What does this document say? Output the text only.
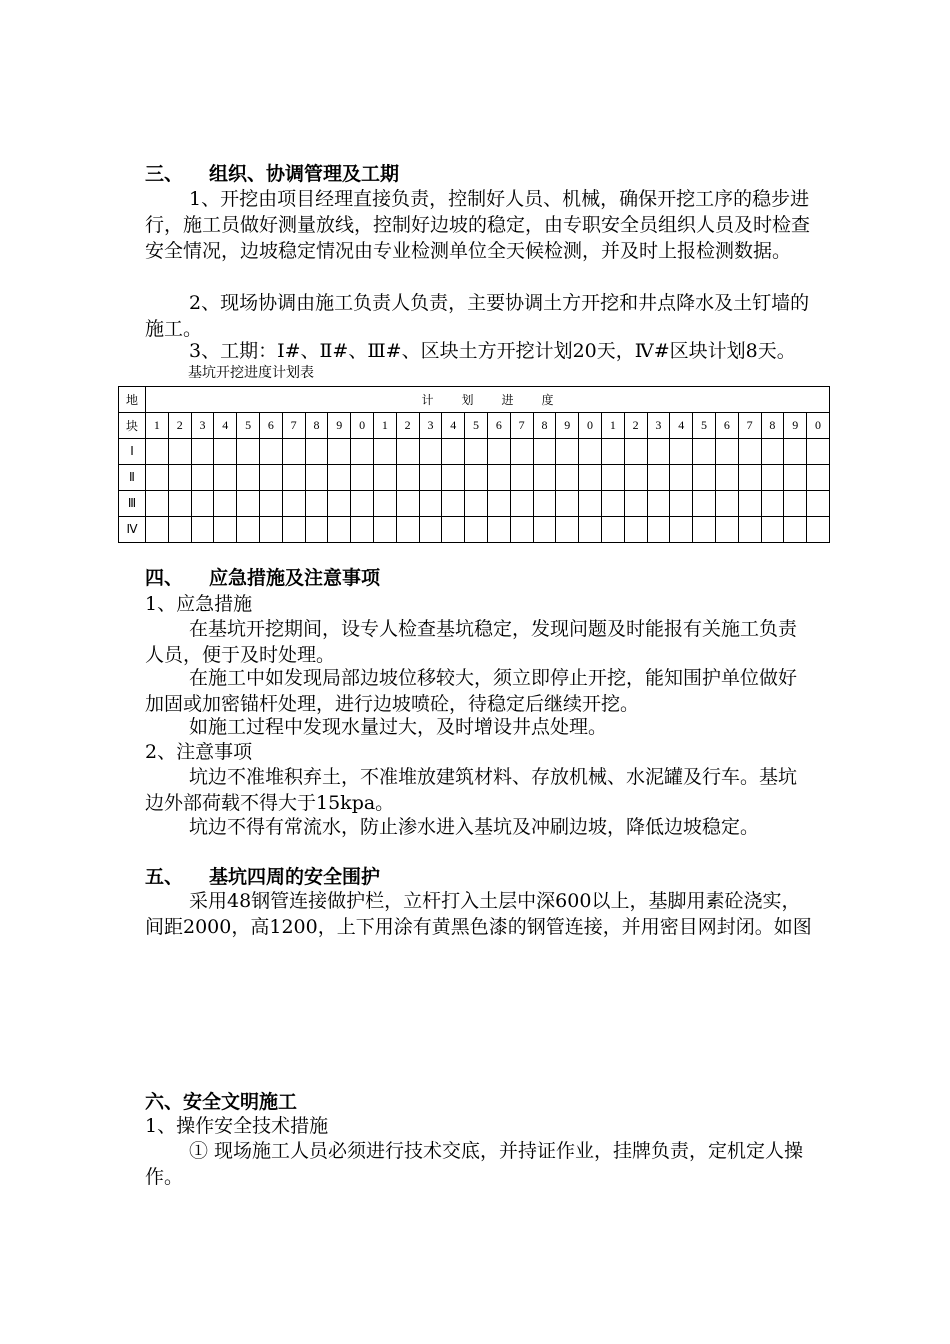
三、 组织、协调管理及工期
1、开挖由项目经理直接负责，控制好人员、机械，确保开挖工序的稳步进行，施工员做好测量放线，控制好边坡的稳定，由专职安全员组织人员及时检查安全情况，边坡稳定情况由专业检测单位全天候检测，并及时上报检测数据。
2、现场协调由施工负责人负责，主要协调土方开挖和井点降水及土钉墙的施工。
3、工期：Ⅰ#、Ⅱ#、Ⅲ#、区块土方开挖计划20天，Ⅳ#区块计划8天。
基坑开挖进度计划表
地	计 划 进 度																													
块	1	2	3	4	5	6	7	8	9	0	1	2	3	4	5	6	7	8	9	0	1	2	3	4	5	6	7	8	9	0
Ⅰ																														
Ⅱ																														
Ⅲ																														
Ⅳ																														
四、 应急措施及注意事项
1、应急措施
在基坑开挖期间，设专人检查基坑稳定，发现问题及时能报有关施工负责人员，便于及时处理。
在施工中如发现局部边坡位移较大，须立即停止开挖，能知围护单位做好加固或加密锚杆处理，进行边坡喷砼，待稳定后继续开挖。
如施工过程中发现水量过大，及时增设井点处理。
2、注意事项
坑边不准堆积弃土，不准堆放建筑材料、存放机械、水泥罐及行车。基坑边外部荷载不得大于15kpa。
坑边不得有常流水，防止渗水进入基坑及冲刷边坡，降低边坡稳定。
五、 基坑四周的安全围护
采用48钢管连接做护栏，立杆打入土层中深600以上，基脚用素砼浇实，间距2000，高1200，上下用涂有黄黑色漆的钢管连接，并用密目网封闭。如图
六、安全文明施工
1、操作安全技术措施
① 现场施工人员必须进行技术交底，并持证作业，挂牌负责，定机定人操作。
